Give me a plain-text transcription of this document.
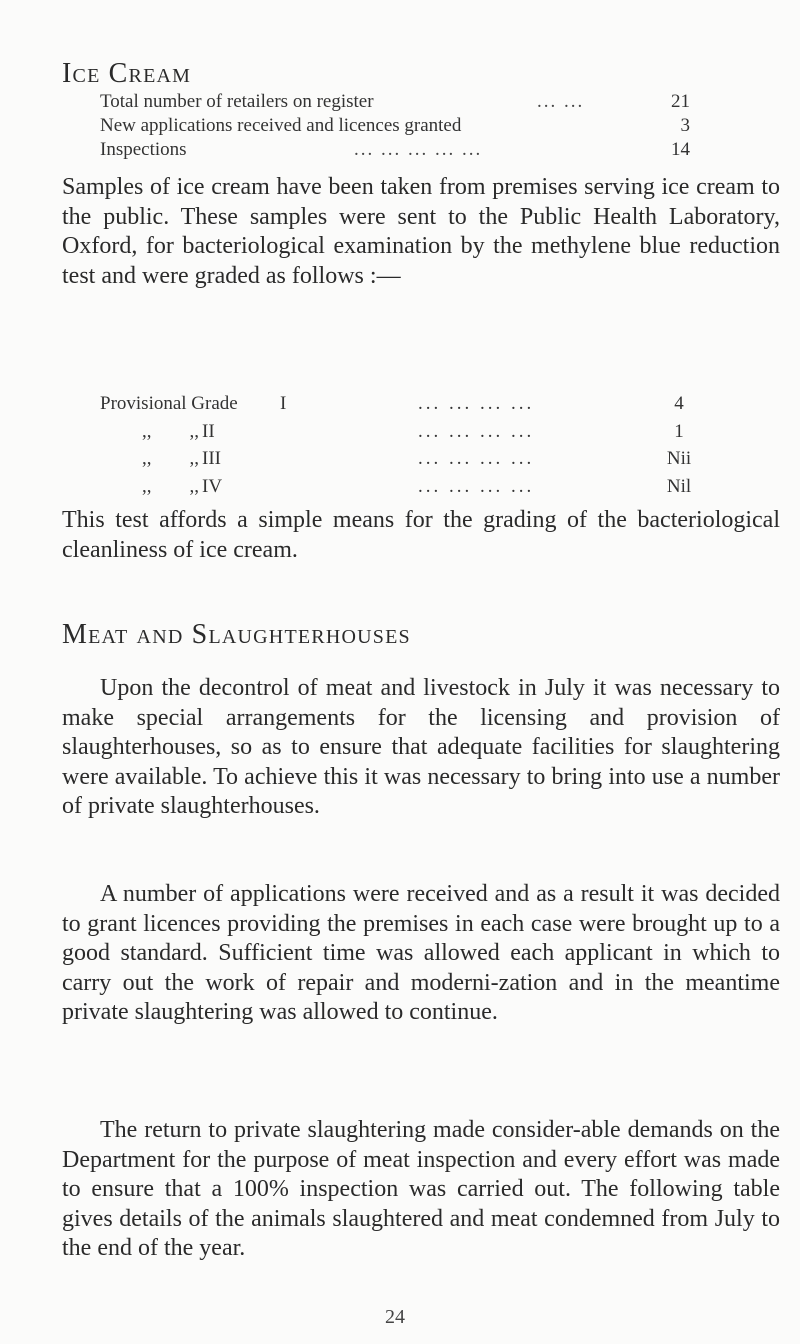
Ice Cream
Total number of retailers on register	... ...	21
New applications received and licences granted	3
Inspections	... ... ... ... ...	14

Samples of ice cream have been taken from premises serving ice cream to the public. These samples were sent to the Public Health Laboratory, Oxford, for bacteriological examination by the methylene blue reduction test and were graded as follows :—

Provisional Grade I	... ... ... ...	4
,,        ,, II	... ... ... ...	1
,,        ,, III	... ... ... ...	Nii
,,        ,, IV	... ... ... ...	Nil

This test affords a simple means for the grading of the bacteriological cleanliness of ice cream.

Meat and Slaughterhouses

Upon the decontrol of meat and livestock in July it was necessary to make special arrangements for the licensing and provision of slaughterhouses, so as to ensure that adequate facilities for slaughtering were available. To achieve this it was necessary to bring into use a number of private slaughterhouses.

A number of applications were received and as a result it was decided to grant licences providing the premises in each case were brought up to a good standard. Sufficient time was allowed each applicant in which to carry out the work of repair and moderni-zation and in the meantime private slaughtering was allowed to continue.

The return to private slaughtering made consider-able demands on the Department for the purpose of meat inspection and every effort was made to ensure that a 100% inspection was carried out. The following table gives details of the animals slaughtered and meat condemned from July to the end of the year.

24
